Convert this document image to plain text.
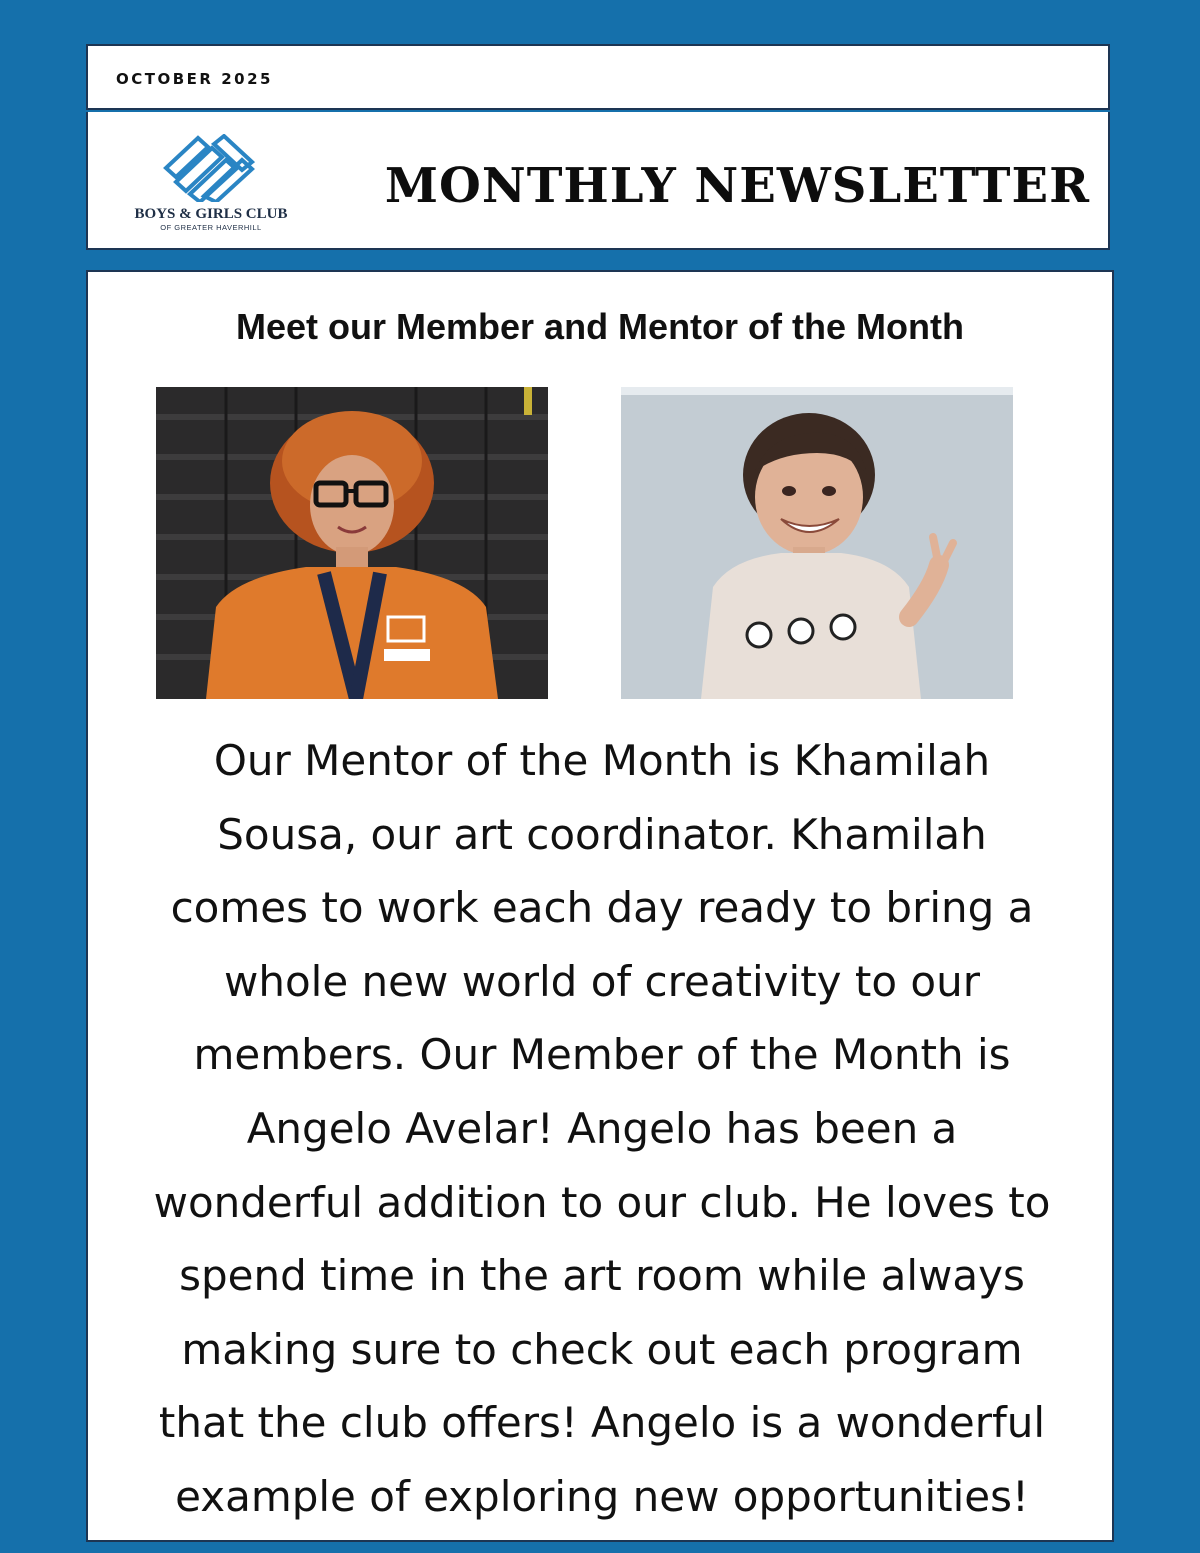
OCTOBER 2025
BOYS & GIRLS CLUB
OF GREATER HAVERHILL
MONTHLY NEWSLETTER
Meet our Member and Mentor of the Month
Our Mentor of the Month is Khamilah
Sousa, our art coordinator. Khamilah
comes to work each day ready to bring a
whole new world of creativity to our
members. Our Member of the Month is
Angelo Avelar! Angelo has been a
wonderful addition to our club. He loves to
spend time in the art room while always
making sure to check out each program
that the club offers! Angelo is a wonderful
example of exploring new opportunities!
